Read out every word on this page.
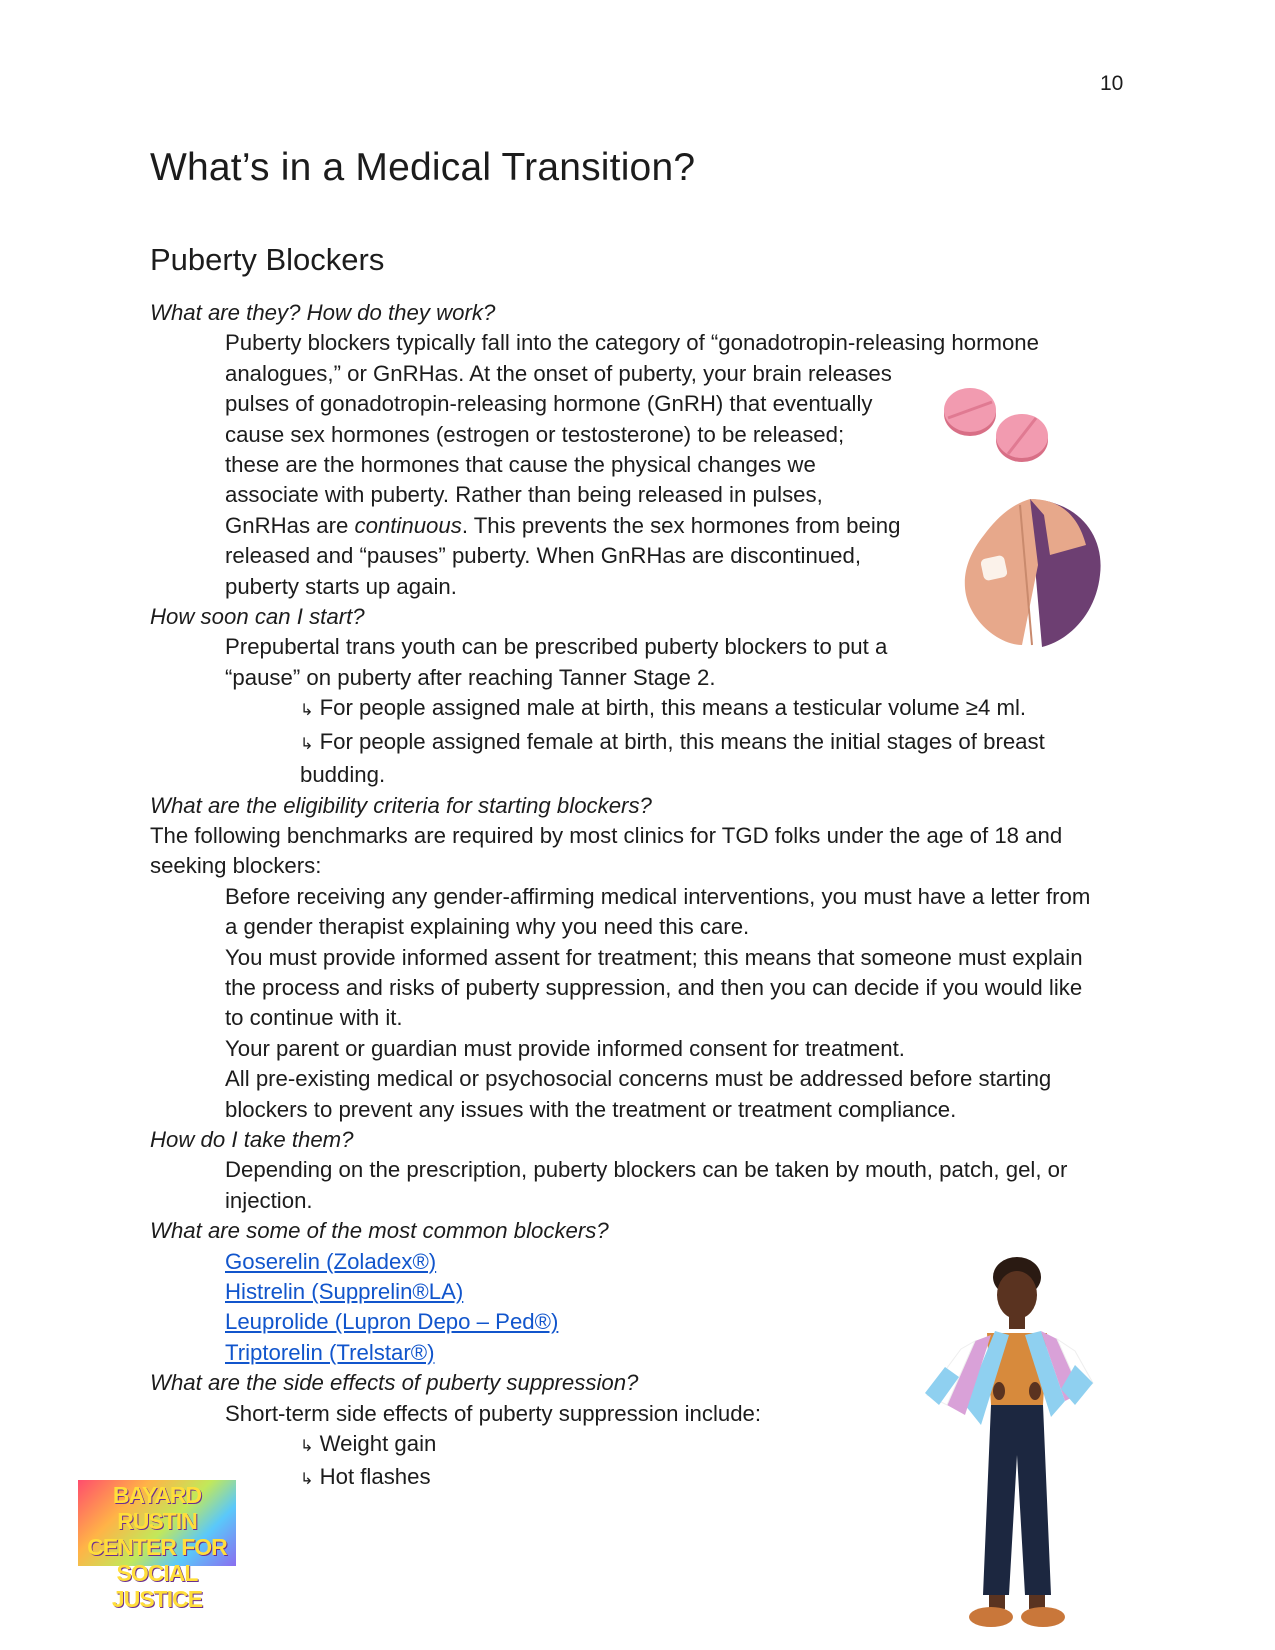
10
What’s in a Medical Transition?
Puberty Blockers

What are they? How do they work?

Puberty blockers typically fall into the category of “gonadotropin-releasing hormone

analogues,” or GnRHas. At the onset of puberty, your brain releases

pulses of gonadotropin-releasing hormone (GnRH) that eventually

cause sex hormones (estrogen or testosterone) to be released;

these are the hormones that cause the physical changes we

associate with puberty. Rather than being released in pulses,

GnRHas are continuous. This prevents the sex hormones from being

released and “pauses” puberty. When GnRHas are discontinued,

puberty starts up again.

How soon can I start?

Prepubertal trans youth can be prescribed puberty blockers to put a

“pause” on puberty after reaching Tanner Stage 2.

↳ For people assigned male at birth, this means a testicular volume ≥4 ml.

↳ For people assigned female at birth, this means the initial stages of breast

budding.

What are the eligibility criteria for starting blockers?

The following benchmarks are required by most clinics for TGD folks under the age of 18 and

seeking blockers:

Before receiving any gender-affirming medical interventions, you must have a letter from

a gender therapist explaining why you need this care.

You must provide informed assent for treatment; this means that someone must explain

the process and risks of puberty suppression, and then you can decide if you would like

to continue with it.

Your parent or guardian must provide informed consent for treatment.

All pre-existing medical or psychosocial concerns must be addressed before starting

blockers to prevent any issues with the treatment or treatment compliance.

How do I take them?

Depending on the prescription, puberty blockers can be taken by mouth, patch, gel, or

injection.

What are some of the most common blockers?

Goserelin (Zoladex®)

Histrelin (Supprelin®LA)

Leuprolide (Lupron Depo – Ped®)

Triptorelin (Trelstar®)

What are the side effects of puberty suppression?

Short-term side effects of puberty suppression include:

↳ Weight gain

↳ Hot flashes

BAYARD RUSTIN
CENTER FOR
SOCIAL JUSTICE
